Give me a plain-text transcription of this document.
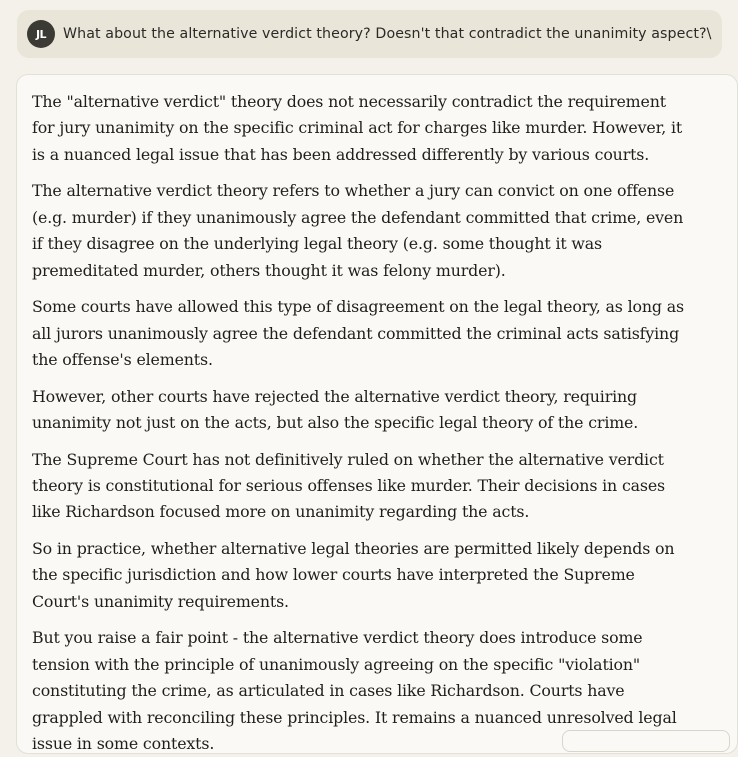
JL	What about the alternative verdict theory? Doesn't that contradict the unanimity aspect?\

The "alternative verdict" theory does not necessarily contradict the requirement for jury unanimity on the specific criminal act for charges like murder. However, it is a nuanced legal issue that has been addressed differently by various courts.

The alternative verdict theory refers to whether a jury can convict on one offense (e.g. murder) if they unanimously agree the defendant committed that crime, even if they disagree on the underlying legal theory (e.g. some thought it was premeditated murder, others thought it was felony murder).

Some courts have allowed this type of disagreement on the legal theory, as long as all jurors unanimously agree the defendant committed the criminal acts satisfying the offense's elements.

However, other courts have rejected the alternative verdict theory, requiring unanimity not just on the acts, but also the specific legal theory of the crime.

The Supreme Court has not definitively ruled on whether the alternative verdict theory is constitutional for serious offenses like murder. Their decisions in cases like Richardson focused more on unanimity regarding the acts.

So in practice, whether alternative legal theories are permitted likely depends on the specific jurisdiction and how lower courts have interpreted the Supreme Court's unanimity requirements.

But you raise a fair point - the alternative verdict theory does introduce some tension with the principle of unanimously agreeing on the specific "violation" constituting the crime, as articulated in cases like Richardson. Courts have grappled with reconciling these principles. It remains a nuanced unresolved legal issue in some contexts.
